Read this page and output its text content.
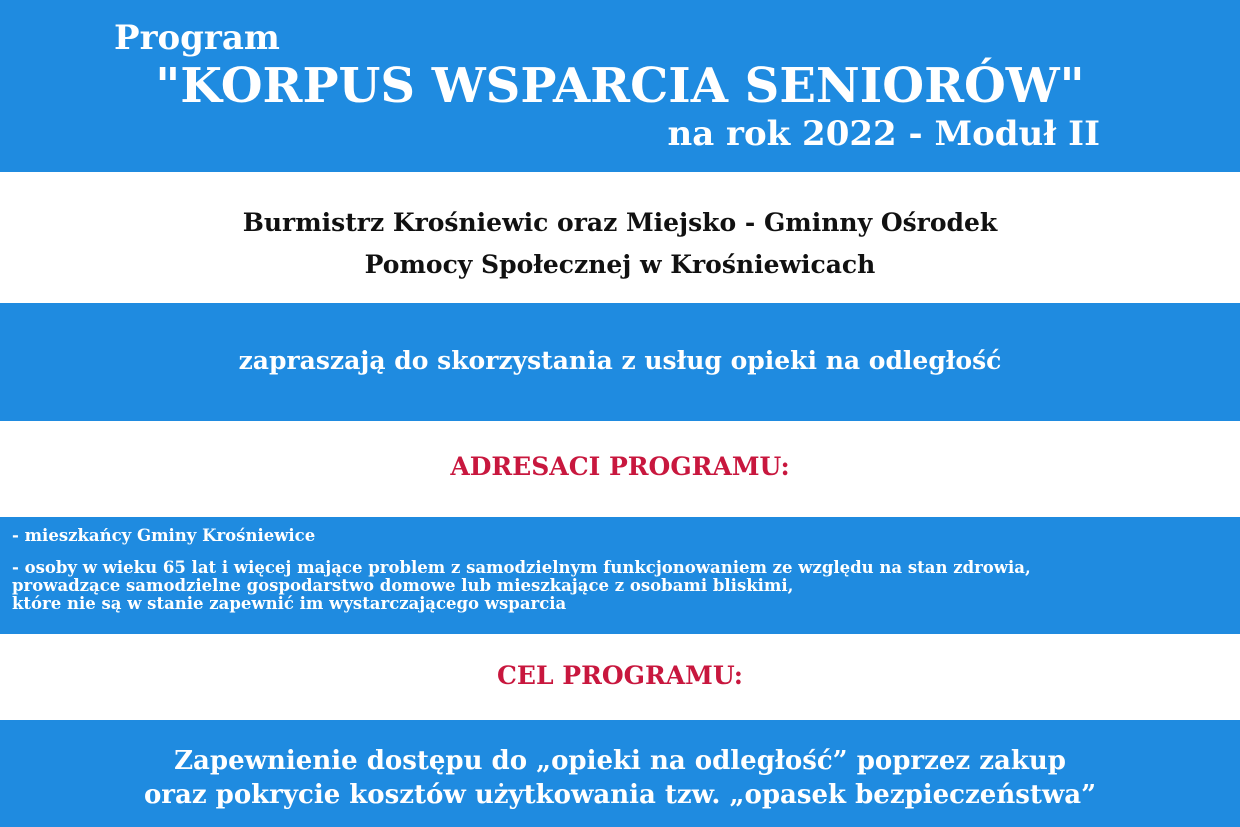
Program
"KORPUS WSPARCIA SENIORÓW"
na rok 2022 - Moduł II
Burmistrz Krośniewic oraz Miejsko - Gminny Ośrodek
Pomocy Społecznej w Krośniewicach
zapraszają do skorzystania z usług opieki na odległość
ADRESACI PROGRAMU:
- mieszkańcy Gminy Krośniewice
- osoby w wieku 65 lat i więcej mające problem z samodzielnym funkcjonowaniem ze względu na stan zdrowia,
prowadzące samodzielne gospodarstwo domowe lub mieszkające z osobami bliskimi,
które nie są w stanie zapewnić im wystarczającego wsparcia
CEL PROGRAMU:
Zapewnienie dostępu do „opieki na odległość” poprzez zakup
oraz pokrycie kosztów użytkowania tzw. „opasek bezpieczeństwa”
